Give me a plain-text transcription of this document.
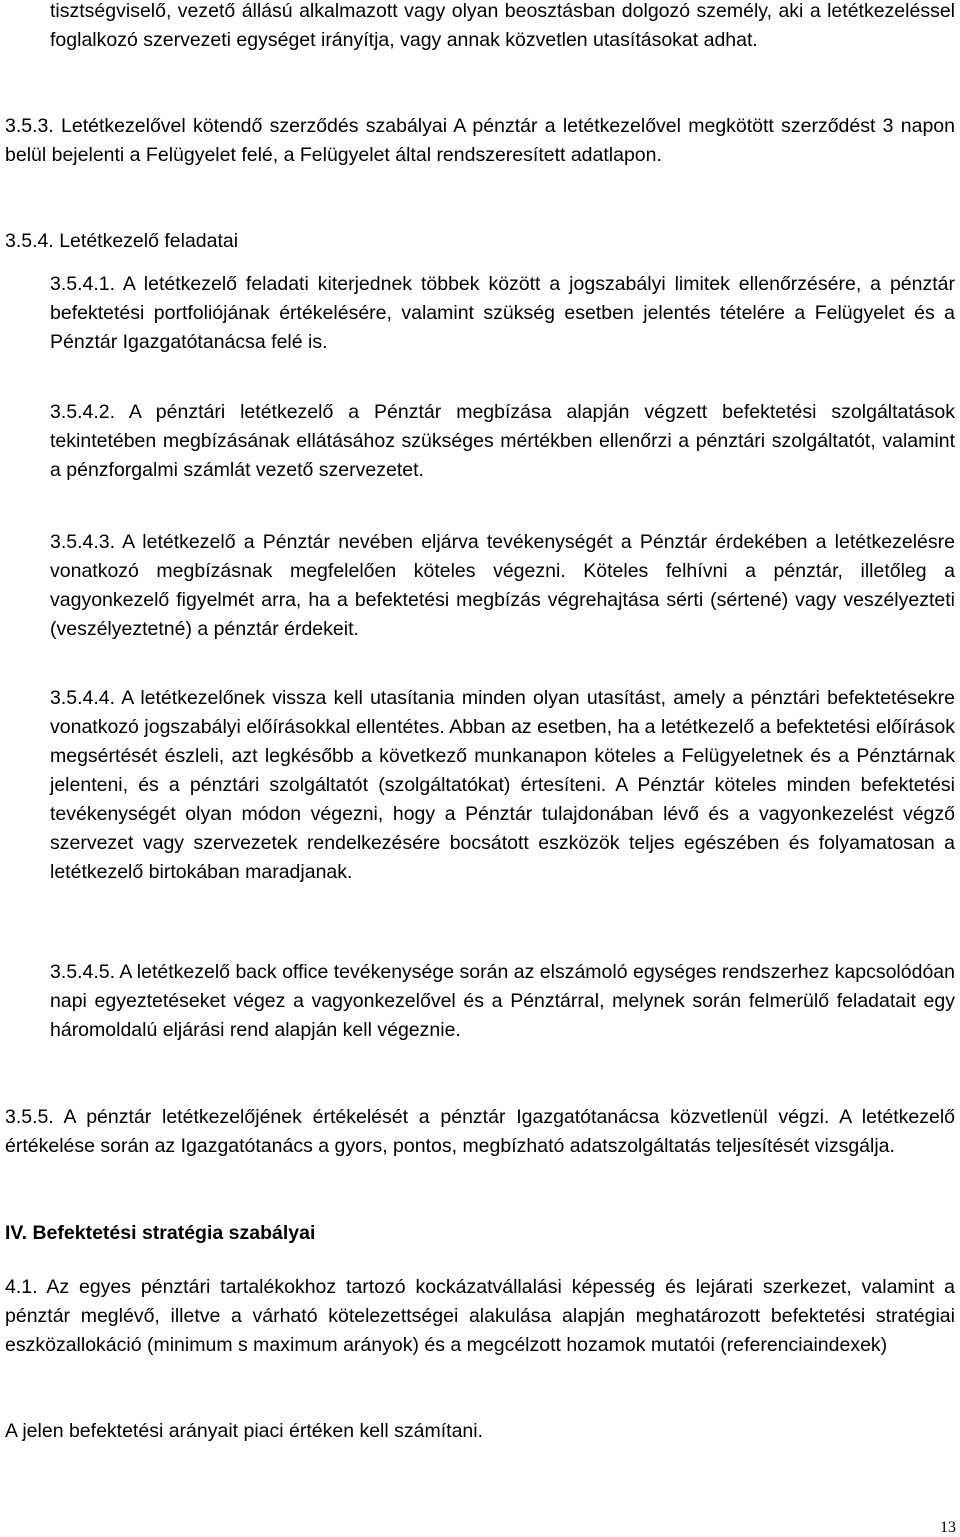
tisztségviselő, vezető állású alkalmazott vagy olyan beosztásban dolgozó személy, aki a letétkezeléssel foglalkozó szervezeti egységet irányítja, vagy annak közvetlen utasításokat adhat.

3.5.3. Letétkezelővel kötendő szerződés szabályai A pénztár a letétkezelővel megkötött szerződést 3 napon belül bejelenti a Felügyelet felé, a Felügyelet által rendszeresített adatlapon.

3.5.4. Letétkezelő feladatai

3.5.4.1. A letétkezelő feladati kiterjednek többek között a jogszabályi limitek ellenőrzésére, a pénztár befektetési portfoliójának értékelésére, valamint szükség esetben jelentés tételére a Felügyelet és a Pénztár Igazgatótanácsa felé is.

3.5.4.2. A pénztári letétkezelő a Pénztár megbízása alapján végzett befektetési szolgáltatások tekintetében megbízásának ellátásához szükséges mértékben ellenőrzi a pénztári szolgáltatót, valamint a pénzforgalmi számlát vezető szervezetet.

3.5.4.3. A letétkezelő a Pénztár nevében eljárva tevékenységét a Pénztár érdekében a letétkezelésre vonatkozó megbízásnak megfelelően köteles végezni. Köteles felhívni a pénztár, illetőleg a vagyonkezelő figyelmét arra, ha a befektetési megbízás végrehajtása sérti (sértené) vagy veszélyezteti (veszélyeztetné) a pénztár érdekeit.

3.5.4.4. A letétkezelőnek vissza kell utasítania minden olyan utasítást, amely a pénztári befektetésekre vonatkozó jogszabályi előírásokkal ellentétes. Abban az esetben, ha a letétkezelő a befektetési előírások megsértését észleli, azt legkésőbb a következő munkanapon köteles a Felügyeletnek és a Pénztárnak jelenteni, és a pénztári szolgáltatót (szolgáltatókat) értesíteni. A Pénztár köteles minden befektetési tevékenységét olyan módon végezni, hogy a Pénztár tulajdonában lévő és a vagyonkezelést végző szervezet vagy szervezetek rendelkezésére bocsátott eszközök teljes egészében és folyamatosan a letétkezelő birtokában maradjanak.

3.5.4.5. A letétkezelő back office tevékenysége során az elszámoló egységes rendszerhez kapcsolódóan napi egyeztetéseket végez a vagyonkezelővel és a Pénztárral, melynek során felmerülő feladatait egy háromoldalú eljárási rend alapján kell végeznie.

3.5.5. A pénztár letétkezelőjének értékelését a pénztár Igazgatótanácsa közvetlenül végzi. A letétkezelő értékelése során az Igazgatótanács a gyors, pontos, megbízható adatszolgáltatás teljesítését vizsgálja.

IV. Befektetési stratégia szabályai

4.1. Az egyes pénztári tartalékokhoz tartozó kockázatvállalási képesség és lejárati szerkezet, valamint a pénztár meglévő, illetve a várható kötelezettségei alakulása alapján meghatározott befektetési stratégiai eszközallokáció (minimum s maximum arányok) és a megcélzott hozamok mutatói (referenciaindexek)

A jelen befektetési arányait piaci értéken kell számítani.

13
